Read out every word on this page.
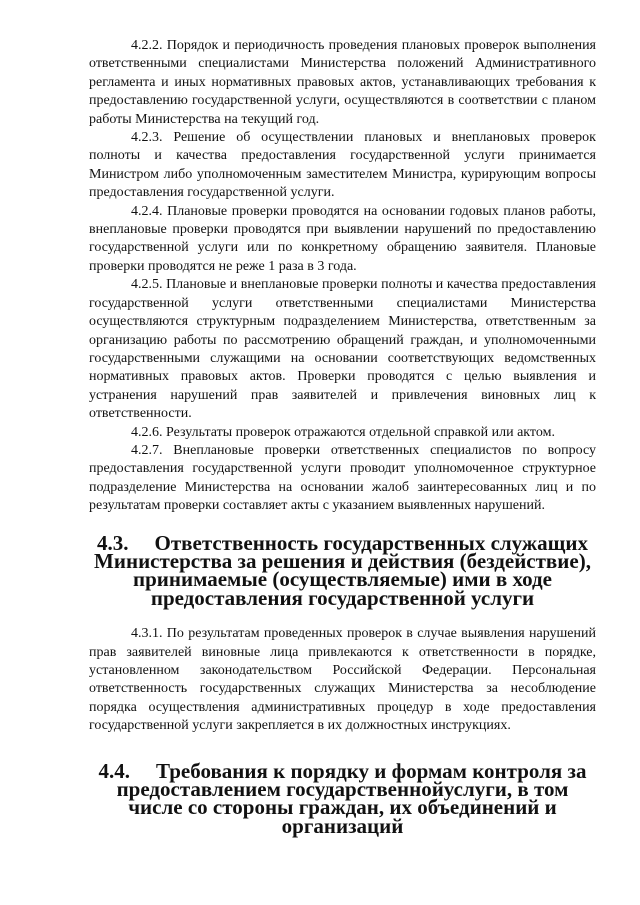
4.2.2. Порядок и периодичность проведения плановых проверок выполнения ответственными специалистами Министерства положений Административного регламента и иных нормативных правовых актов, устанавливающих требования к предоставлению государственной услуги, осуществляются в соответствии с планом работы Министерства на текущий год.

4.2.3. Решение об осуществлении плановых и внеплановых проверок полноты и качества предоставления государственной услуги принимается Министром либо уполномоченным заместителем Министра, курирующим вопросы предоставления государственной услуги.

4.2.4. Плановые проверки проводятся на основании годовых планов работы, внеплановые проверки проводятся при выявлении нарушений по предоставлению государственной услуги или по конкретному обращению заявителя. Плановые проверки проводятся не реже 1 раза в 3 года.

4.2.5. Плановые и внеплановые проверки полноты и качества предоставления государственной услуги ответственными специалистами Министерства осуществляются структурным подразделением Министерства, ответственным за организацию работы по рассмотрению обращений граждан, и уполномоченными государственными служащими на основании соответствующих ведомственных нормативных правовых актов. Проверки проводятся с целью выявления и устранения нарушений прав заявителей и привлечения виновных лиц к ответственности.

4.2.6. Результаты проверок отражаются отдельной справкой или актом.

4.2.7. Внеплановые проверки ответственных специалистов по вопросу предоставления государственной услуги проводит уполномоченное структурное подразделение Министерства на основании жалоб заинтересованных лиц и по результатам проверки составляет акты с указанием выявленных нарушений.

4.3. Ответственность государственных служащих Министерства за решения и действия (бездействие), принимаемые (осуществляемые) ими в ходе предоставления государственной услуги

4.3.1. По результатам проведенных проверок в случае выявления нарушений прав заявителей виновные лица привлекаются к ответственности в порядке, установленном законодательством Российской Федерации. Персональная ответственность государственных служащих Министерства за несоблюдение порядка осуществления административных процедур в ходе предоставления государственной услуги закрепляется в их должностных инструкциях.

4.4. Требования к порядку и формам контроля за предоставлением государственнойуслуги, в том числе со стороны граждан, их объединений и организаций
